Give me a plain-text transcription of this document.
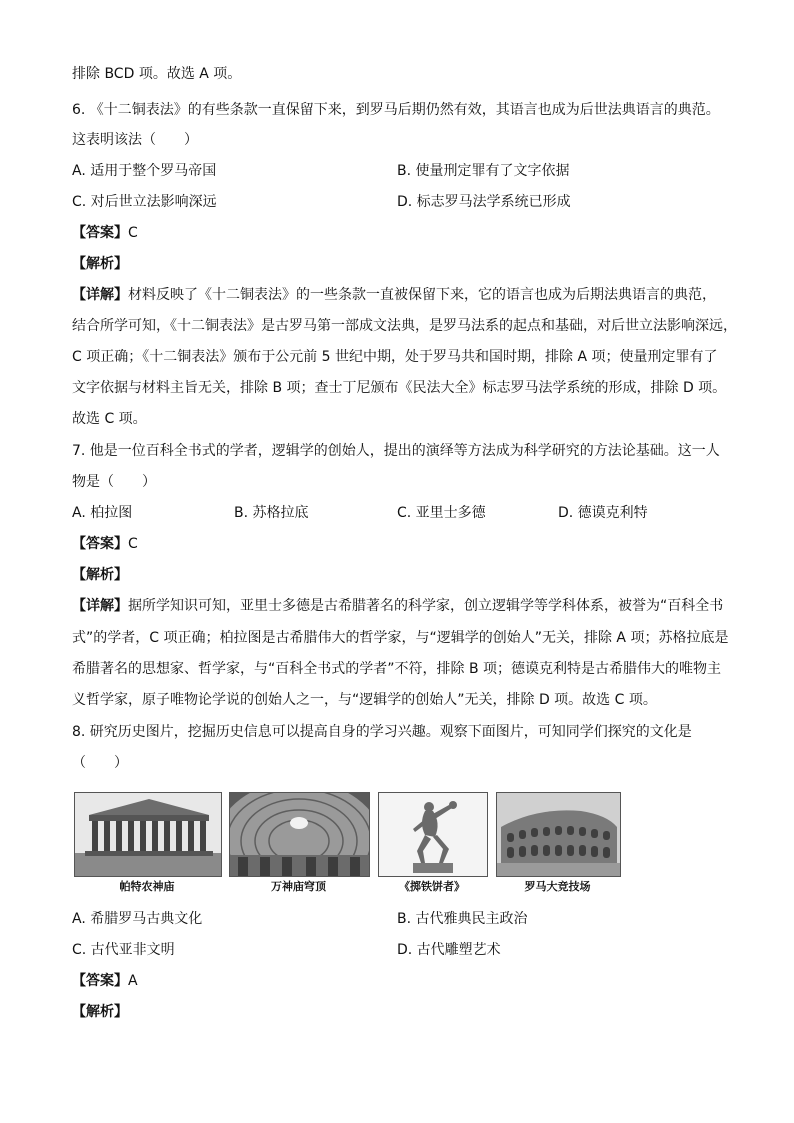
排除 BCD 项。故选 A 项。
6. 《十二铜表法》的有些条款一直保留下来，到罗马后期仍然有效，其语言也成为后世法典语言的典范。
这表明该法（　　）
A. 适用于整个罗马帝国	B. 使量刑定罪有了文字依据
C. 对后世立法影响深远	D. 标志罗马法学系统已形成
【答案】C
【解析】
【详解】材料反映了《十二铜表法》的一些条款一直被保留下来，它的语言也成为后期法典语言的典范，
结合所学可知，《十二铜表法》是古罗马第一部成文法典，是罗马法系的起点和基础，对后世立法影响深远，
C 项正确；《十二铜表法》颁布于公元前 5 世纪中期，处于罗马共和国时期，排除 A 项；使量刑定罪有了
文字依据与材料主旨无关，排除 B 项；查士丁尼颁布《民法大全》标志罗马法学系统的形成，排除 D 项。
故选 C 项。
7. 他是一位百科全书式的学者，逻辑学的创始人，提出的演绎等方法成为科学研究的方法论基础。这一人
物是（　　）
A. 柏拉图	B. 苏格拉底	C. 亚里士多德	D. 德谟克利特
【答案】C
【解析】
【详解】据所学知识可知，亚里士多德是古希腊著名的科学家，创立逻辑学等学科体系，被誉为“百科全书
式”的学者，C 项正确；柏拉图是古希腊伟大的哲学家，与“逻辑学的创始人”无关，排除 A 项；苏格拉底是
希腊著名的思想家、哲学家，与“百科全书式的学者”不符，排除 B 项；德谟克利特是古希腊伟大的唯物主
义哲学家，原子唯物论学说的创始人之一，与“逻辑学的创始人”无关，排除 D 项。故选 C 项。
8. 研究历史图片，挖掘历史信息可以提高自身的学习兴趣。观察下面图片，可知同学们探究的文化是
（　　）
帕特农神庙	万神庙穹顶	《掷铁饼者》	罗马大竞技场
A. 希腊罗马古典文化	B. 古代雅典民主政治
C. 古代亚非文明	D. 古代雕塑艺术
【答案】A
【解析】
